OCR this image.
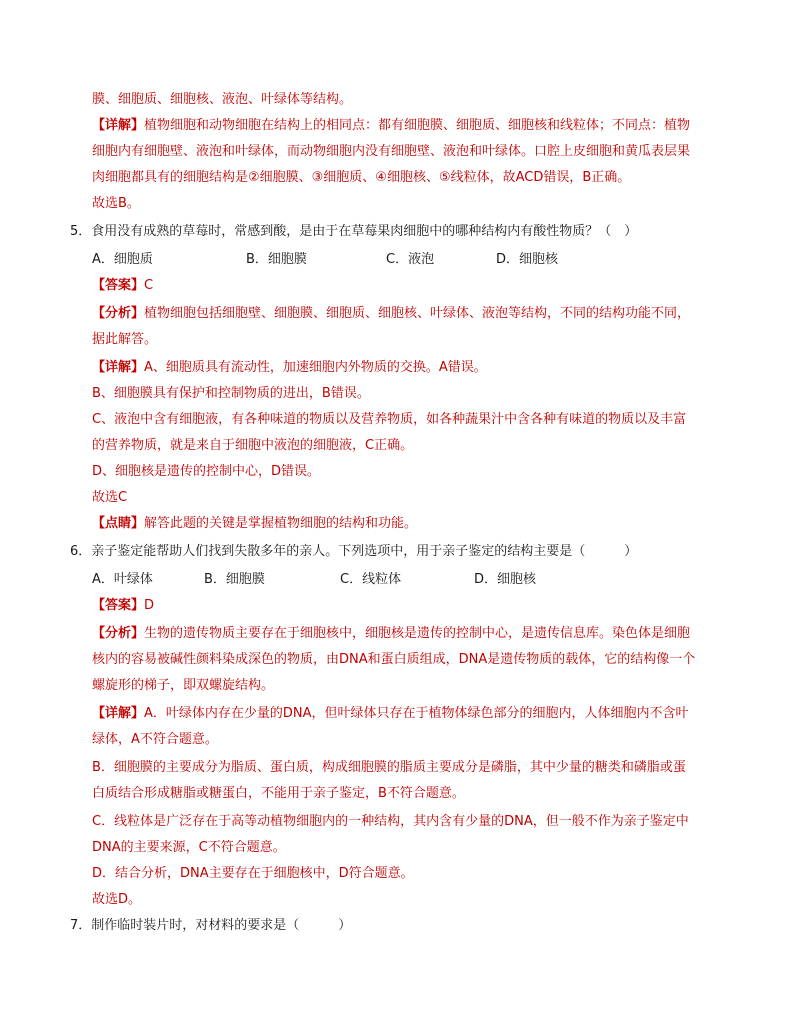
膜、细胞质、细胞核、液泡、叶绿体等结构。
【详解】植物细胞和动物细胞在结构上的相同点：都有细胞膜、细胞质、细胞核和线粒体；不同点：植物
细胞内有细胞壁、液泡和叶绿体，而动物细胞内没有细胞壁、液泡和叶绿体。口腔上皮细胞和黄瓜表层果
肉细胞都具有的细胞结构是②细胞膜、③细胞质、④细胞核、⑤线粒体，故ACD错误，B正确。
故选B。
5．食用没有成熟的草莓时，常感到酸，是由于在草莓果肉细胞中的哪种结构内有酸性物质？（　）
A．细胞质	B．细胞膜	C．液泡	D．细胞核
【答案】C
【分析】植物细胞包括细胞壁、细胞膜、细胞质、细胞核、叶绿体、液泡等结构，不同的结构功能不同，
据此解答。
【详解】A、细胞质具有流动性，加速细胞内外物质的交换。A错误。
B、细胞膜具有保护和控制物质的进出，B错误。
C、液泡中含有细胞液，有各种味道的物质以及营养物质，如各种蔬果汁中含各种有味道的物质以及丰富
的营养物质，就是来自于细胞中液泡的细胞液，C正确。
D、细胞核是遗传的控制中心，D错误。
故选C
【点睛】解答此题的关键是掌握植物细胞的结构和功能。
6．亲子鉴定能帮助人们找到失散多年的亲人。下列选项中，用于亲子鉴定的结构主要是（　　　）
A．叶绿体	B．细胞膜	C．线粒体	D．细胞核
【答案】D
【分析】生物的遗传物质主要存在于细胞核中，细胞核是遗传的控制中心，是遗传信息库。染色体是细胞
核内的容易被碱性颜料染成深色的物质，由DNA和蛋白质组成，DNA是遗传物质的载体，它的结构像一个
螺旋形的梯子，即双螺旋结构。
【详解】A．叶绿体内存在少量的DNA，但叶绿体只存在于植物体绿色部分的细胞内，人体细胞内不含叶
绿体，A不符合题意。
B．细胞膜的主要成分为脂质、蛋白质，构成细胞膜的脂质主要成分是磷脂，其中少量的糖类和磷脂或蛋
白质结合形成糖脂或糖蛋白，不能用于亲子鉴定，B不符合题意。
C．线粒体是广泛存在于高等动植物细胞内的一种结构，其内含有少量的DNA，但一般不作为亲子鉴定中
DNA的主要来源，C不符合题意。
D．结合分析，DNA主要存在于细胞核中，D符合题意。
故选D。
7．制作临时装片时，对材料的要求是（　　　）
